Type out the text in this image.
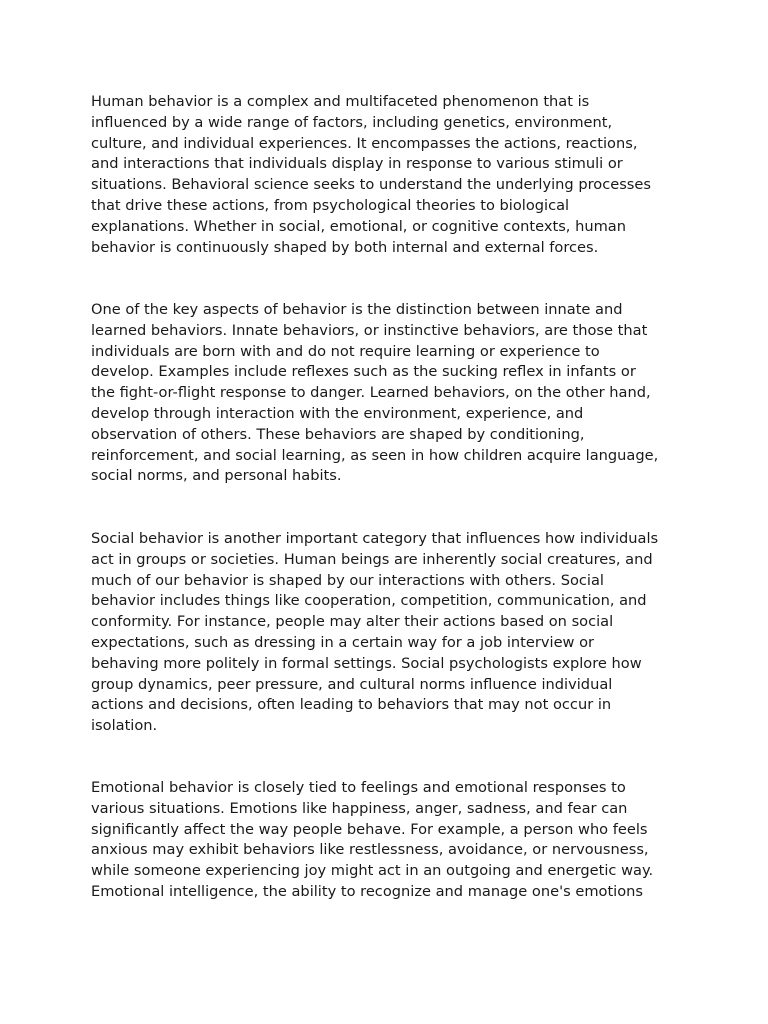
Human behavior is a complex and multifaceted phenomenon that is
influenced by a wide range of factors, including genetics, environment,
culture, and individual experiences. It encompasses the actions, reactions,
and interactions that individuals display in response to various stimuli or
situations. Behavioral science seeks to understand the underlying processes
that drive these actions, from psychological theories to biological
explanations. Whether in social, emotional, or cognitive contexts, human
behavior is continuously shaped by both internal and external forces.

One of the key aspects of behavior is the distinction between innate and
learned behaviors. Innate behaviors, or instinctive behaviors, are those that
individuals are born with and do not require learning or experience to
develop. Examples include reflexes such as the sucking reflex in infants or
the fight-or-flight response to danger. Learned behaviors, on the other hand,
develop through interaction with the environment, experience, and
observation of others. These behaviors are shaped by conditioning,
reinforcement, and social learning, as seen in how children acquire language,
social norms, and personal habits.

Social behavior is another important category that influences how individuals
act in groups or societies. Human beings are inherently social creatures, and
much of our behavior is shaped by our interactions with others. Social
behavior includes things like cooperation, competition, communication, and
conformity. For instance, people may alter their actions based on social
expectations, such as dressing in a certain way for a job interview or
behaving more politely in formal settings. Social psychologists explore how
group dynamics, peer pressure, and cultural norms influence individual
actions and decisions, often leading to behaviors that may not occur in
isolation.

Emotional behavior is closely tied to feelings and emotional responses to
various situations. Emotions like happiness, anger, sadness, and fear can
significantly affect the way people behave. For example, a person who feels
anxious may exhibit behaviors like restlessness, avoidance, or nervousness,
while someone experiencing joy might act in an outgoing and energetic way.
Emotional intelligence, the ability to recognize and manage one's emotions
